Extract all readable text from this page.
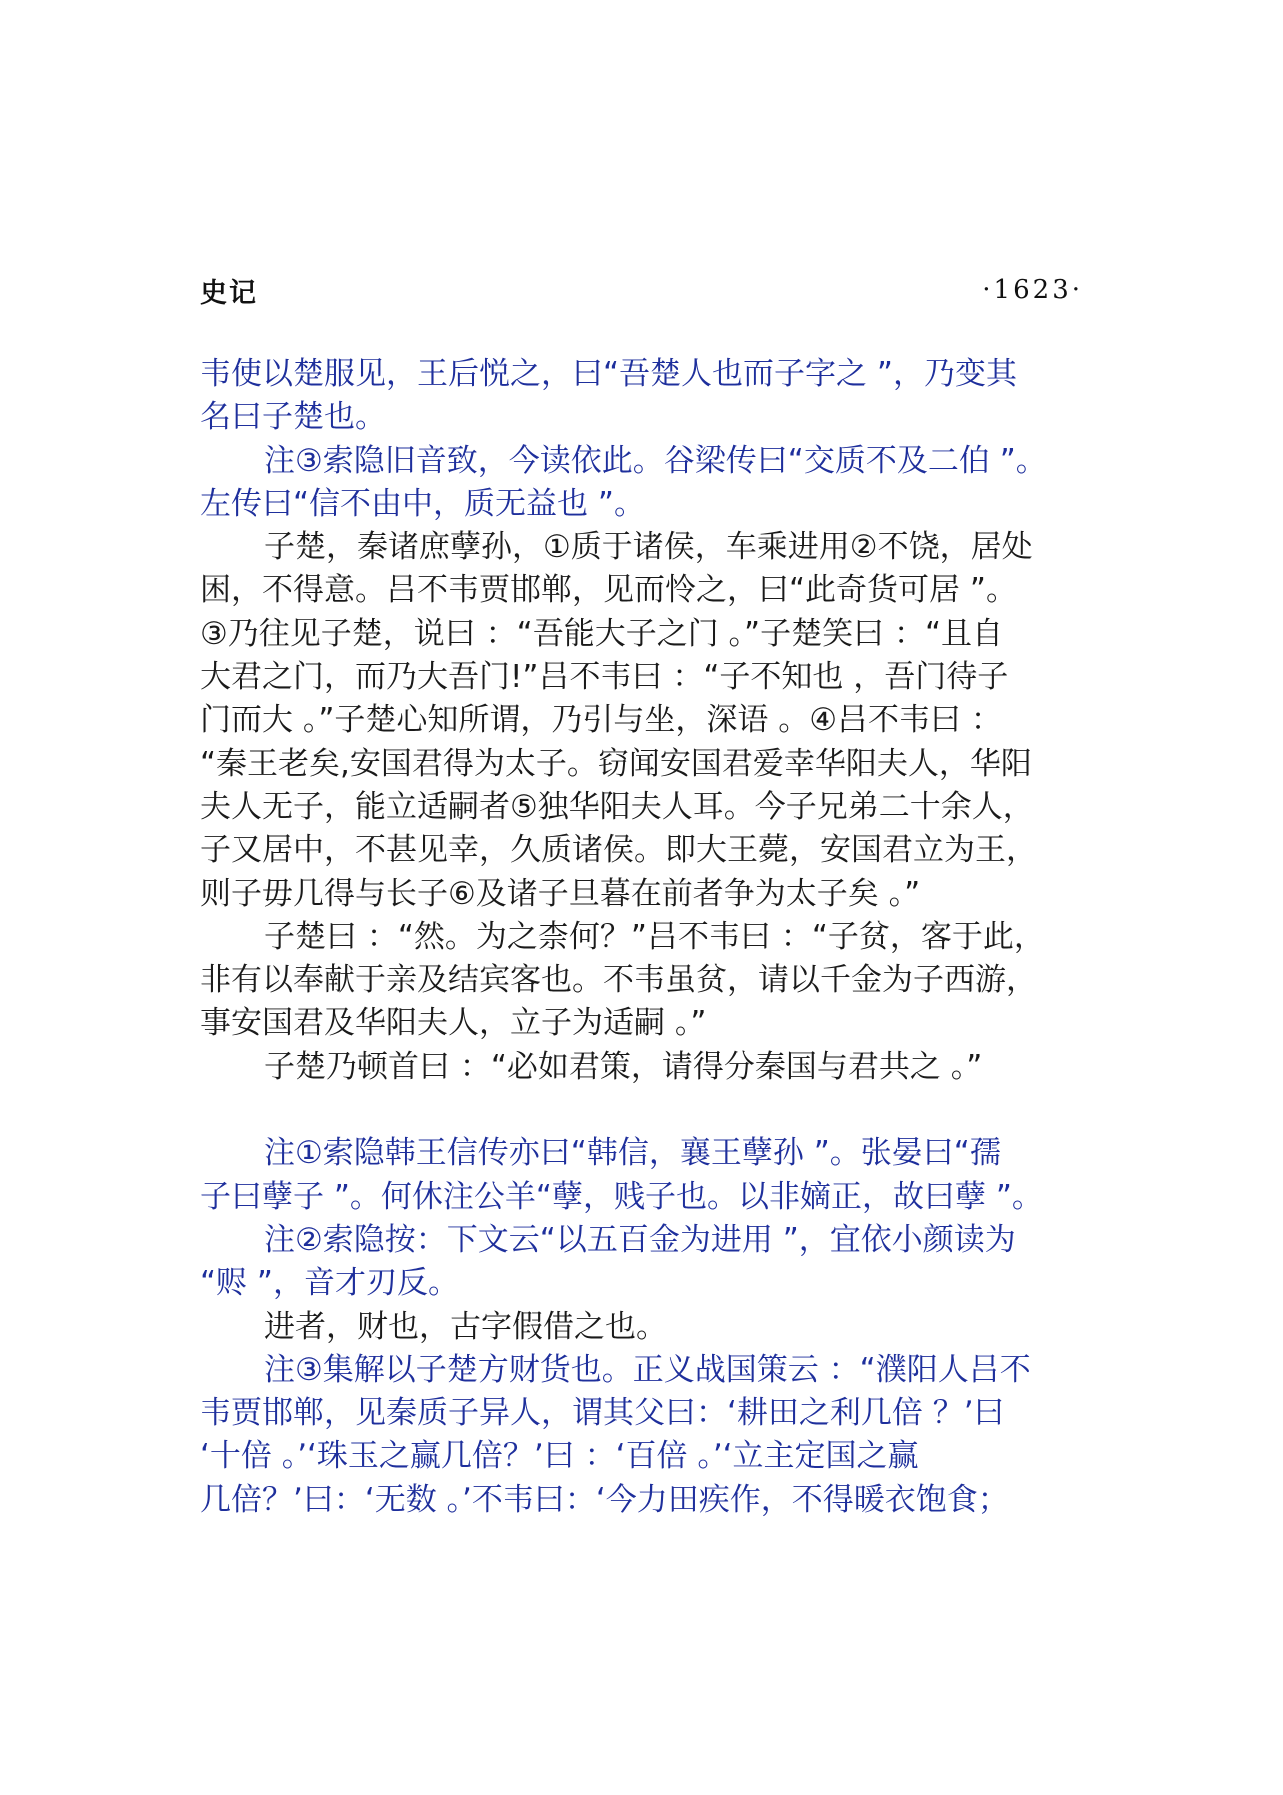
史记	·1623·
韦使以楚服见，王后悦之，曰“吾楚人也而子字之 ”，乃变其
名曰子楚也。
注③索隐旧音致，今读依此。谷梁传曰“交质不及二伯 ”。
左传曰“信不由中，质无益也 ”。
子楚，秦诸庶孽孙，①质于诸侯，车乘进用②不饶，居处
困，不得意。吕不韦贾邯郸，见而怜之，曰“此奇货可居 ”。
③乃往见子楚，说曰 ：“吾能大子之门 。”子楚笑曰 ：“且自
大君之门，而乃大吾门!”吕不韦曰 ：“子不知也 ，吾门待子
门而大 。”子楚心知所谓，乃引与坐，深语 。④吕不韦曰 ：
“秦王老矣,安国君得为太子。窃闻安国君爱幸华阳夫人，华阳
夫人无子，能立适嗣者⑤独华阳夫人耳。今子兄弟二十余人，
子又居中，不甚见幸，久质诸侯。即大王薨，安国君立为王，
则子毋几得与长子⑥及诸子旦暮在前者争为太子矣 。”
子楚曰 ：“然。为之柰何？”吕不韦曰 ：“子贫，客于此，
非有以奉献于亲及结宾客也。不韦虽贫，请以千金为子西游，
事安国君及华阳夫人，立子为适嗣 。”
子楚乃顿首曰 ：“必如君策，请得分秦国与君共之 。”
注①索隐韩王信传亦曰“韩信，襄王孽孙 ”。张晏曰“孺
子曰孽子 ”。何休注公羊“孽，贱子也。以非嫡正，故曰孽 ”。
注②索隐按：下文云“以五百金为进用 ”，宜依小颜读为
“赆 ”，音才刃反。
进者，财也，古字假借之也。
注③集解以子楚方财货也。正义战国策云 ：“濮阳人吕不
韦贾邯郸，见秦质子异人，谓其父曰：‘耕田之利几倍 ？’曰
‘十倍 。’‘珠玉之赢几倍？’曰 ：‘百倍 。’‘立主定国之赢
几倍？’曰：‘无数 。’不韦曰：‘今力田疾作，不得暖衣饱食；
